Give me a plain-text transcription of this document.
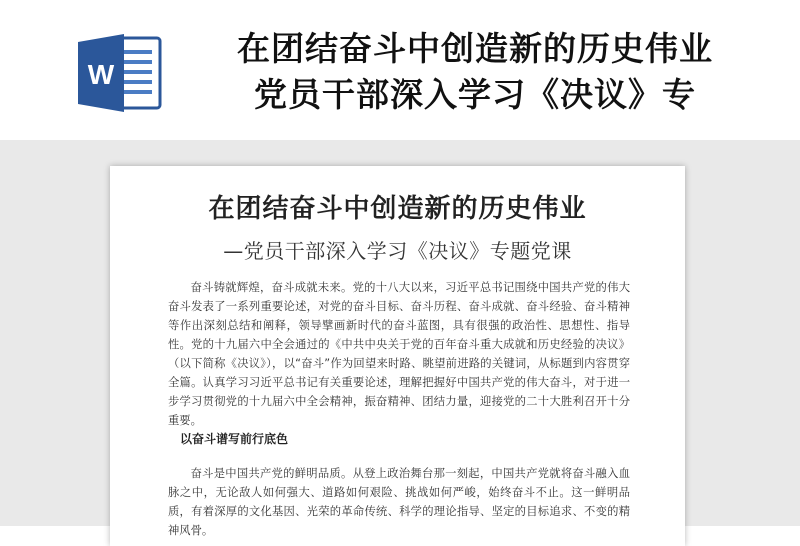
W
在团结奋斗中创造新的历史伟业
党员干部深入学习《决议》专
在团结奋斗中创造新的历史伟业
—党员干部深入学习《决议》专题党课

奋斗铸就辉煌，奋斗成就未来。党的十八大以来，习近平总书记围绕中国共产党的伟大奋斗发表了一系列重要论述，对党的奋斗目标、奋斗历程、奋斗成就、奋斗经验、奋斗精神等作出深刻总结和阐释，领导擘画新时代的奋斗蓝图，具有很强的政治性、思想性、指导性。党的十九届六中全会通过的《中共中央关于党的百年奋斗重大成就和历史经验的决议》（以下简称《决议》），以“奋斗”作为回望来时路、眺望前进路的关键词，从标题到内容贯穿全篇。认真学习习近平总书记有关重要论述，理解把握好中国共产党的伟大奋斗，对于进一步学习贯彻党的十九届六中全会精神，振奋精神、团结力量，迎接党的二十大胜利召开十分重要。

以奋斗谱写前行底色

奋斗是中国共产党的鲜明品质。从登上政治舞台那一刻起，中国共产党就将奋斗融入血脉之中，无论敌人如何强大、道路如何艰险、挑战如何严峻，始终奋斗不止。这一鲜明品质，有着深厚的文化基因、光荣的革命传统、科学的理论指导、坚定的目标追求、不变的精神风骨。
